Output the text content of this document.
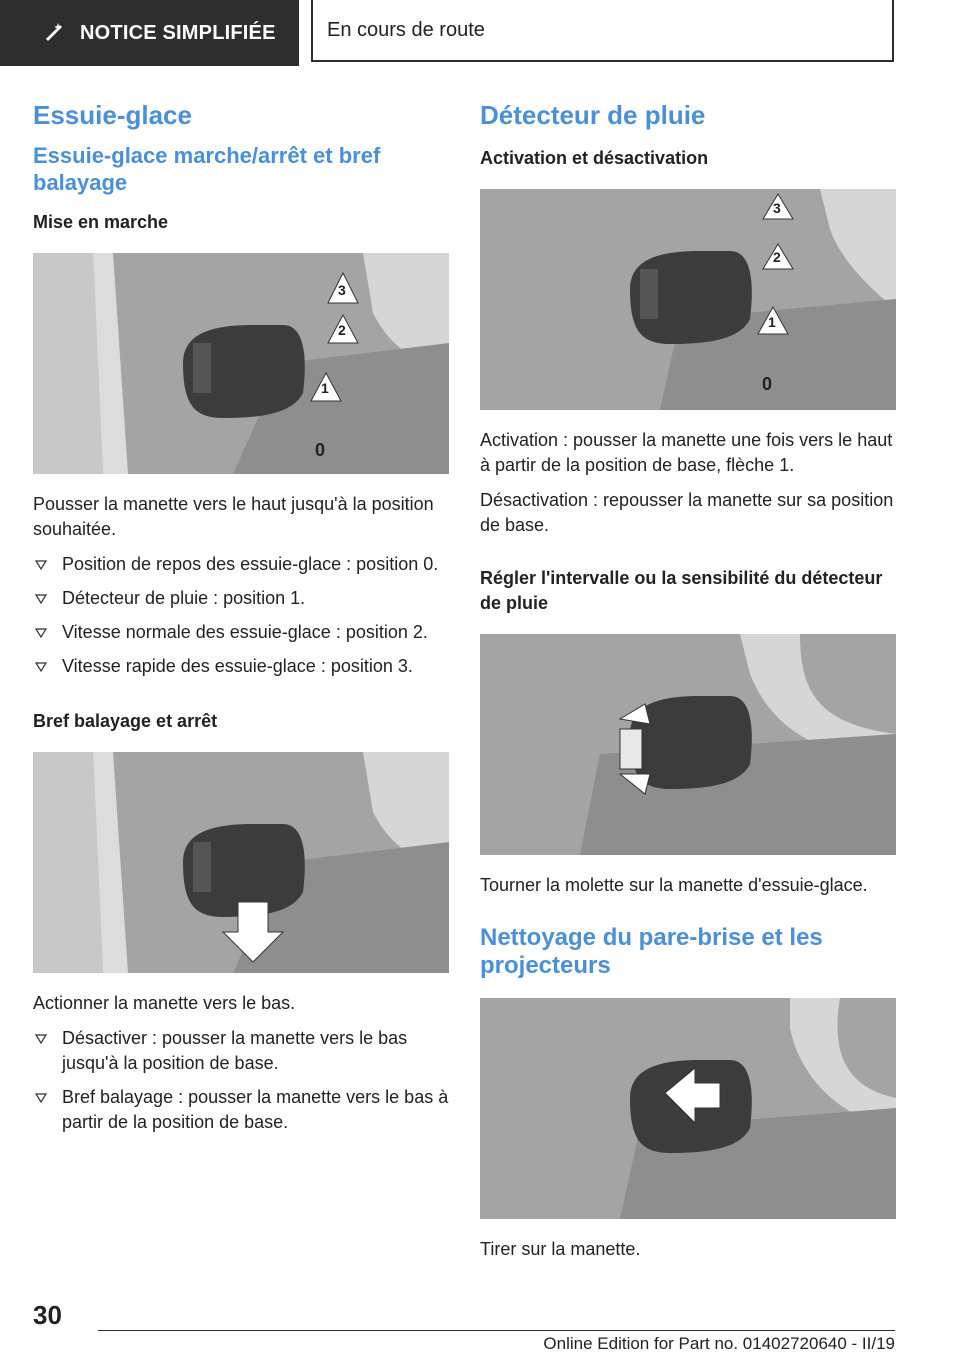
NOTICE SIMPLIFIÉE	En cours de route
Essuie-glace
Essuie-glace marche/arrêt et bref balayage
Mise en marche
3
2
1
0
Pousser la manette vers le haut jusqu'à la position souhaitée.
Position de repos des essuie-glace : position 0.
Détecteur de pluie : position 1.
Vitesse normale des essuie-glace : position 2.
Vitesse rapide des essuie-glace : position 3.
Bref balayage et arrêt
Actionner la manette vers le bas.
Désactiver : pousser la manette vers le bas jusqu'à la position de base.
Bref balayage : pousser la manette vers le bas à partir de la position de base.
Détecteur de pluie
Activation et désactivation
3
2
1
0
Activation : pousser la manette une fois vers le haut à partir de la position de base, flèche 1.
Désactivation : repousser la manette sur sa position de base.
Régler l'intervalle ou la sensibilité du détecteur de pluie
Tourner la molette sur la manette d'essuie-glace.
Nettoyage du pare-brise et les projecteurs
Tirer sur la manette.
30
Online Edition for Part no. 01402720640 - II/19
